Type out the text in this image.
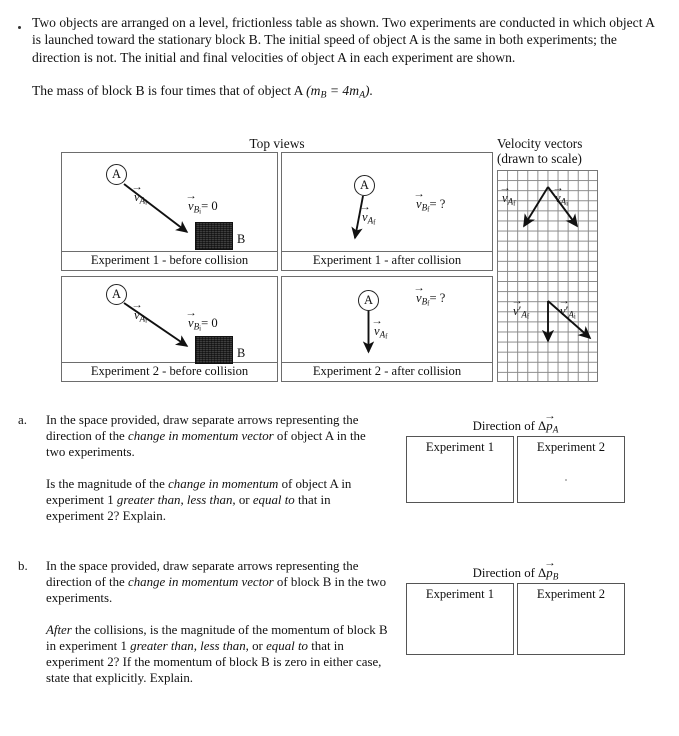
Two objects are arranged on a level, frictionless table as shown. Two experiments are conducted in which object A is launched toward the stationary block B. The initial speed of object A is the same in both experiments; the direction is not. The initial and final velocities of object A in each experiment are shown.

The mass of block B is four times that of object A $(m_B = 4m_A)$.

Top views	Velocity vectors
(drawn to scale)
A
→ $v_{Ai}$	→ $v_{Bi}= 0$
B
Experiment 1 - before collision
A
→ $v_{Af}$
→ $v_{Bf}=$ ?
Experiment 1 - after collision
A
→ $v_{Ai}$	→ $v_{Bi}= 0$
B
Experiment 2 - before collision
A
→ $v_{Af}$
→ $v_{Bf}=$ ?
Experiment 2 - after collision
→ $v_{Af}$	→ $v_{Ai}$
→ $v'_{Af} \to v'_{Ai}$
a. In the space provided, draw separate arrows representing the direction of the change in momentum vector of object A in the two experiments.

Is the magnitude of the change in momentum of object A in experiment 1 greater than, less than, or equal to that in experiment 2? Explain.

Direction of $\Delta\to p_A$
Experiment 1	Experiment 2
b. In the space provided, draw separate arrows representing the direction of the change in momentum vector of block B in the two experiments.

After the collisions, is the magnitude of the momentum of block B in experiment 1 greater than, less than, or equal to that in experiment 2? If the momentum of block B is zero in either case, state that explicitly. Explain.

Direction of $\Delta\to p_B$
Experiment 1	Experiment 2
